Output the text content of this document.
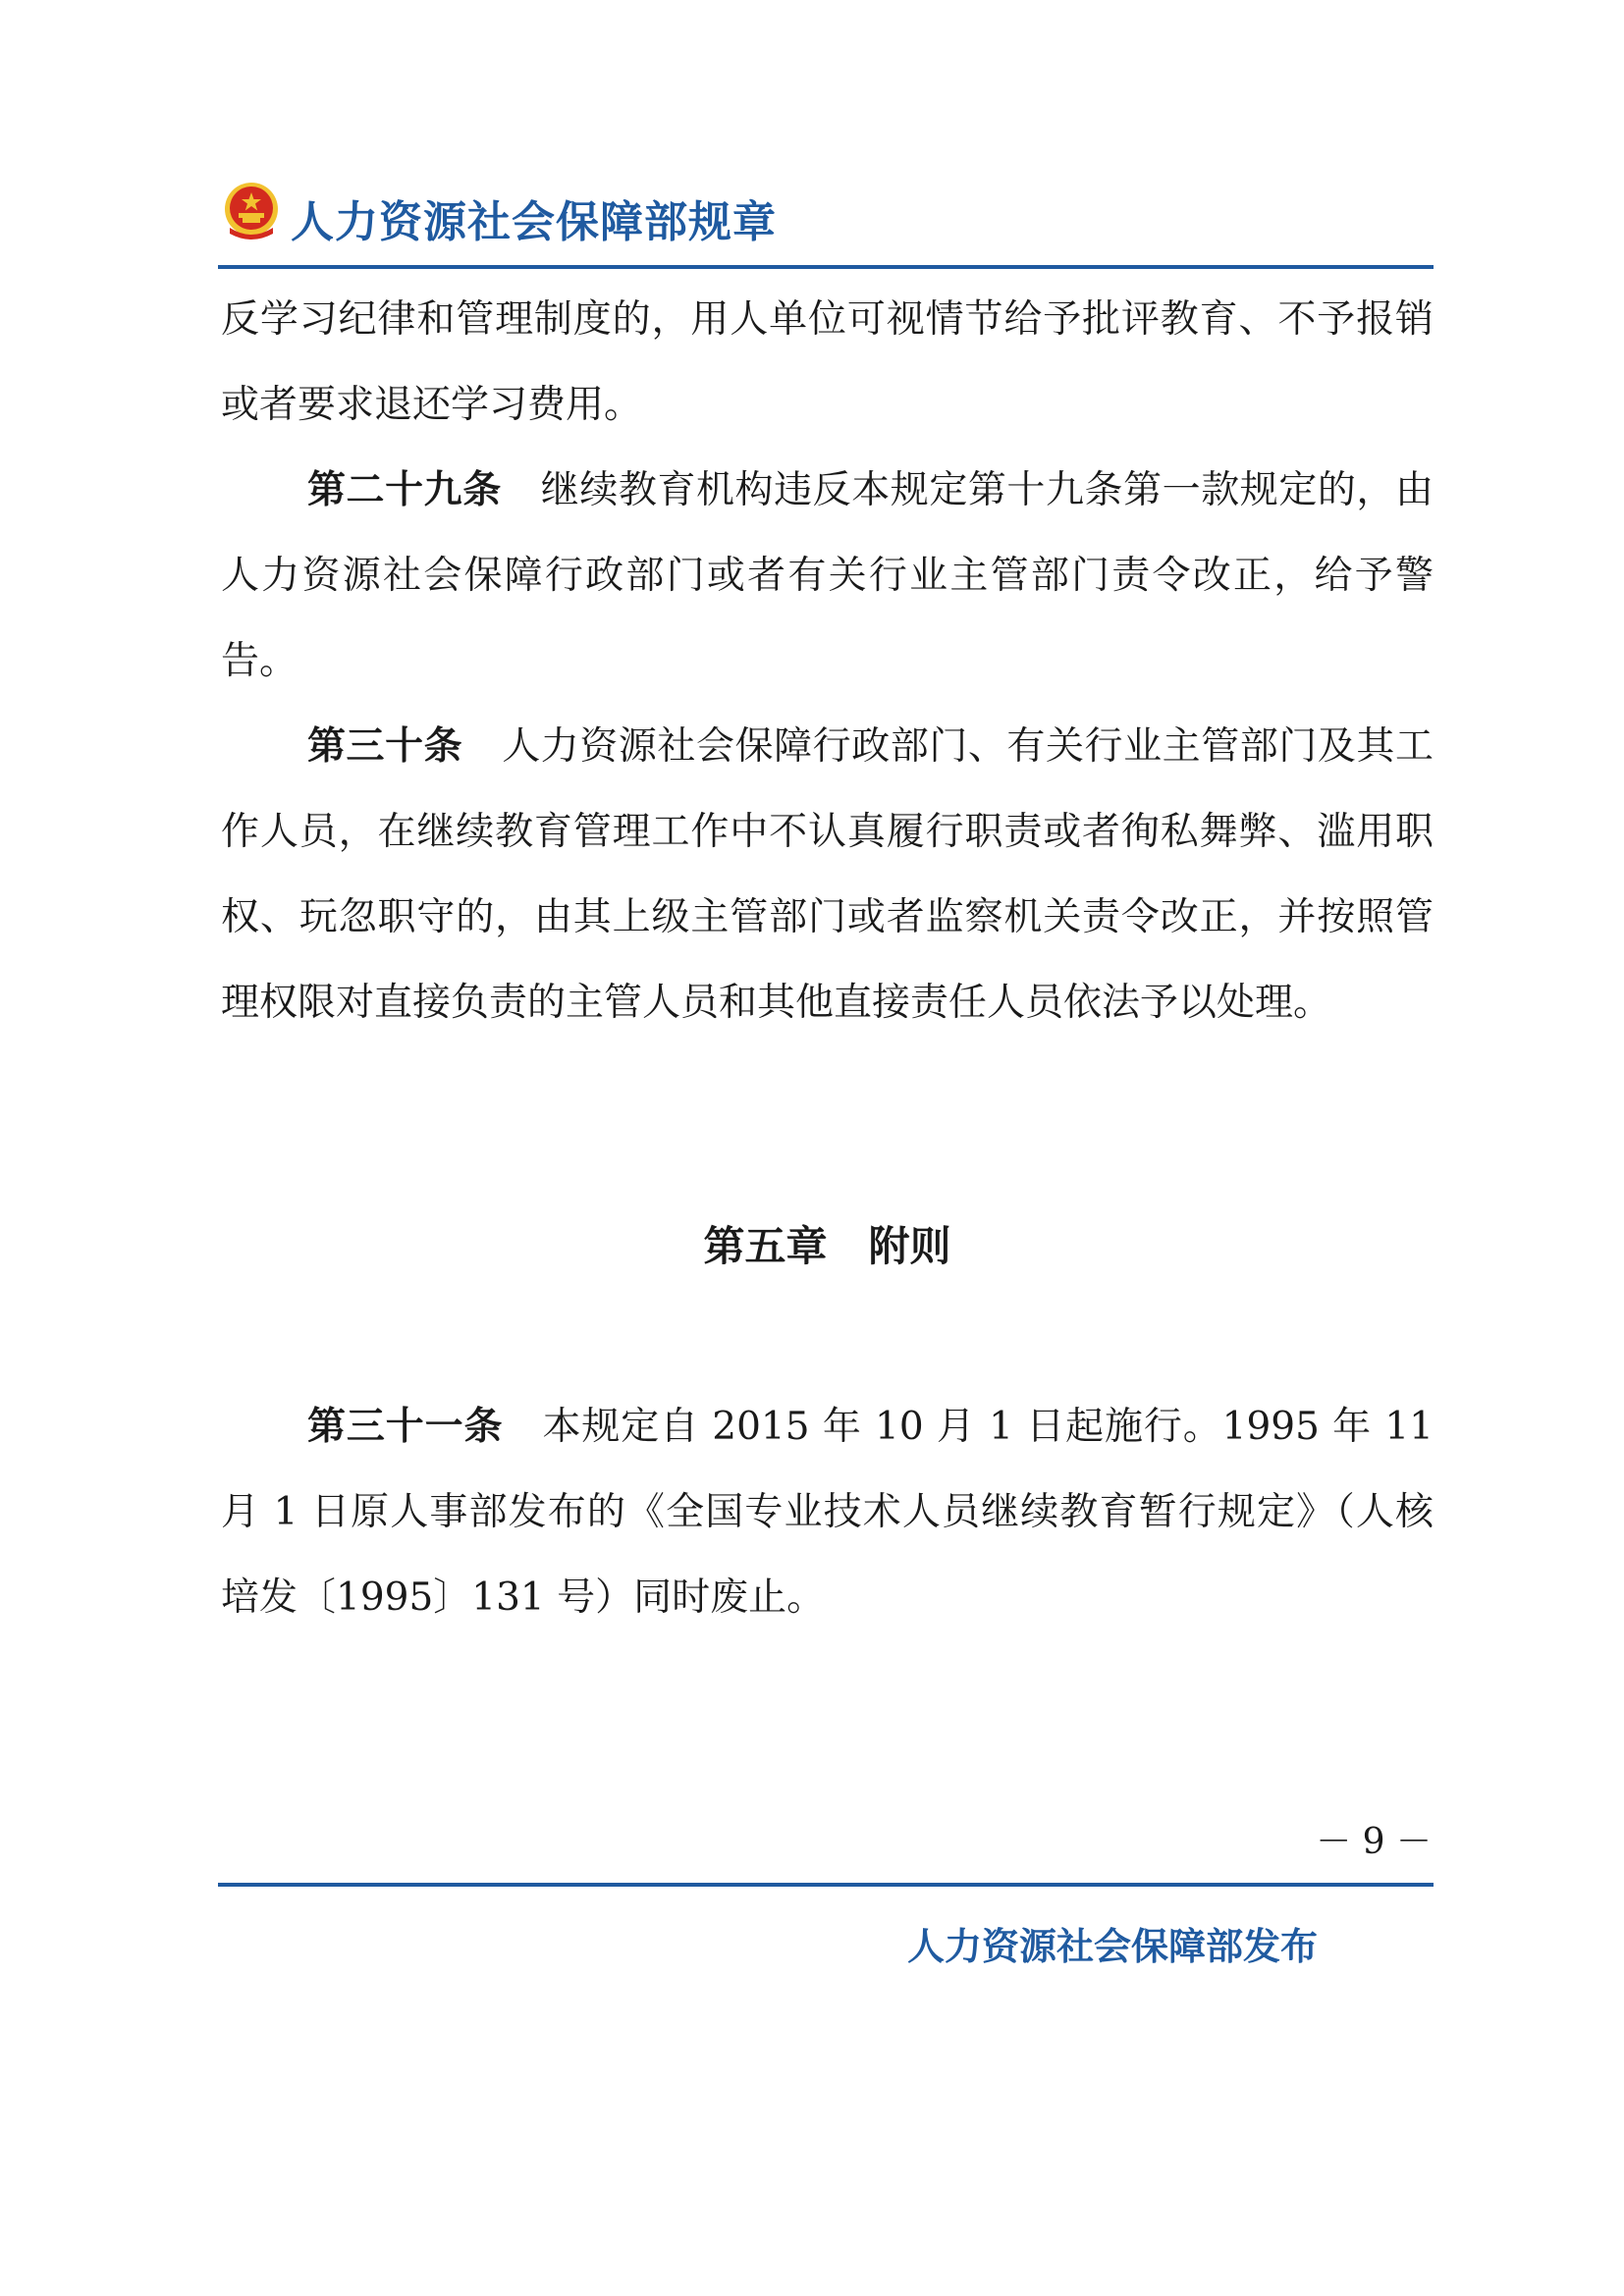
人力资源社会保障部规章

反学习纪律和管理制度的，用人单位可视情节给予批评教育、不予报销或者要求退还学习费用。

第二十九条 继续教育机构违反本规定第十九条第一款规定的，由人力资源社会保障行政部门或者有关行业主管部门责令改正，给予警告。

第三十条 人力资源社会保障行政部门、有关行业主管部门及其工作人员，在继续教育管理工作中不认真履行职责或者徇私舞弊、滥用职权、玩忽职守的，由其上级主管部门或者监察机关责令改正，并按照管理权限对直接负责的主管人员和其他直接责任人员依法予以处理。

第五章　附则

第三十一条 本规定自 2015 年 10 月 1 日起施行。1995 年 11 月 1 日原人事部发布的《全国专业技术人员继续教育暂行规定》（人核培发〔1995〕131 号）同时废止。

－ 9 －
人力资源社会保障部发布
